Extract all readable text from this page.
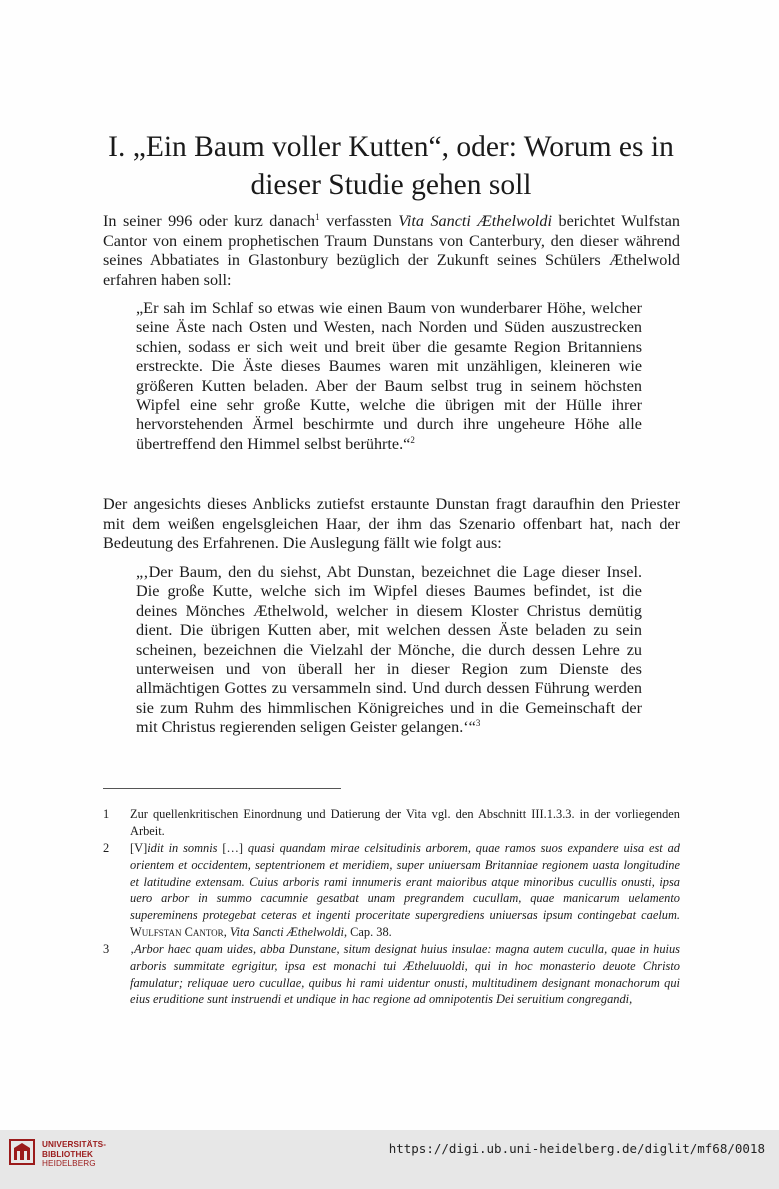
I. „Ein Baum voller Kutten“, oder: Worum es in
dieser Studie gehen soll

In seiner 996 oder kurz danach$^1$ verfassten Vita Sancti Æthelwoldi berichtet Wulfstan Cantor von einem prophetischen Traum Dunstans von Canterbury, den dieser während seines Abbatiates in Glastonbury bezüglich der Zukunft seines Schülers Æthelwold erfahren haben soll:

„Er sah im Schlaf so etwas wie einen Baum von wunderbarer Höhe, welcher seine Äste nach Osten und Westen, nach Norden und Süden auszustrecken schien, sodass er sich weit und breit über die gesamte Region Britanniens erstreckte. Die Äste dieses Baumes waren mit unzähligen, kleineren wie größeren Kutten beladen. Aber der Baum selbst trug in seinem höchsten Wipfel eine sehr große Kutte, welche die übrigen mit der Hülle ihrer hervorstehenden Ärmel beschirmte und durch ihre ungeheure Höhe alle übertreffend den Himmel selbst berührte.“$^2$

Der angesichts dieses Anblicks zutiefst erstaunte Dunstan fragt daraufhin den Priester mit dem weißen engelsgleichen Haar, der ihm das Szenario offenbart hat, nach der Bedeutung des Erfahrenen. Die Auslegung fällt wie folgt aus:

„‚Der Baum, den du siehst, Abt Dunstan, bezeichnet die Lage dieser Insel. Die große Kutte, welche sich im Wipfel dieses Baumes befindet, ist die deines Mönches Æthelwold, welcher in diesem Kloster Christus demütig dient. Die übrigen Kutten aber, mit welchen dessen Äste beladen zu sein scheinen, bezeichnen die Vielzahl der Mönche, die durch dessen Lehre zu unterweisen und von überall her in dieser Region zum Dienste des allmächtigen Gottes zu versammeln sind. Und durch dessen Führung werden sie zum Ruhm des himmlischen Königreiches und in die Gemeinschaft der mit Christus regierenden seligen Geister gelangen.‘“$^3$

1	Zur quellenkritischen Einordnung und Datierung der Vita vgl. den Abschnitt III.1.3.3. in der vorliegenden Arbeit.
2	[V]idit in somnis […] quasi quandam mirae celsitudinis arborem, quae ramos suos expandere uisa est ad orientem et occidentem, septentrionem et meridiem, super uniuersam Britanniae regionem uasta longitudine et latitudine extensam. Cuius arboris rami innumeris erant maioribus atque minoribus cucullis onusti, ipsa uero arbor in summo cacumnie gesatbat unam pregrandem cucullam, quae manicarum uelamento supereminens protegebat ceteras et ingenti proceritate supergrediens uniuersas ipsum contingebat caelum. Wulfstan Cantor, Vita Sancti Æthelwoldi, Cap. 38.
3	‚Arbor haec quam uides, abba Dunstane, situm designat huius insulae: magna autem cuculla, quae in huius arboris summitate egrigitur, ipsa est monachi tui Ætheluuoldi, qui in hoc monasterio deuote Christo famulatur; reliquae uero cucullae, quibus hi rami uidentur onusti, multitudinem designant monachorum qui eius eruditione sunt instruendi et undique in hac regione ad omnipotentis Dei seruitium congregandi,
UNIVERSITÄTS-
BIBLIOTHEK
HEIDELBERG
https://digi.ub.uni-heidelberg.de/diglit/mf68/0018
